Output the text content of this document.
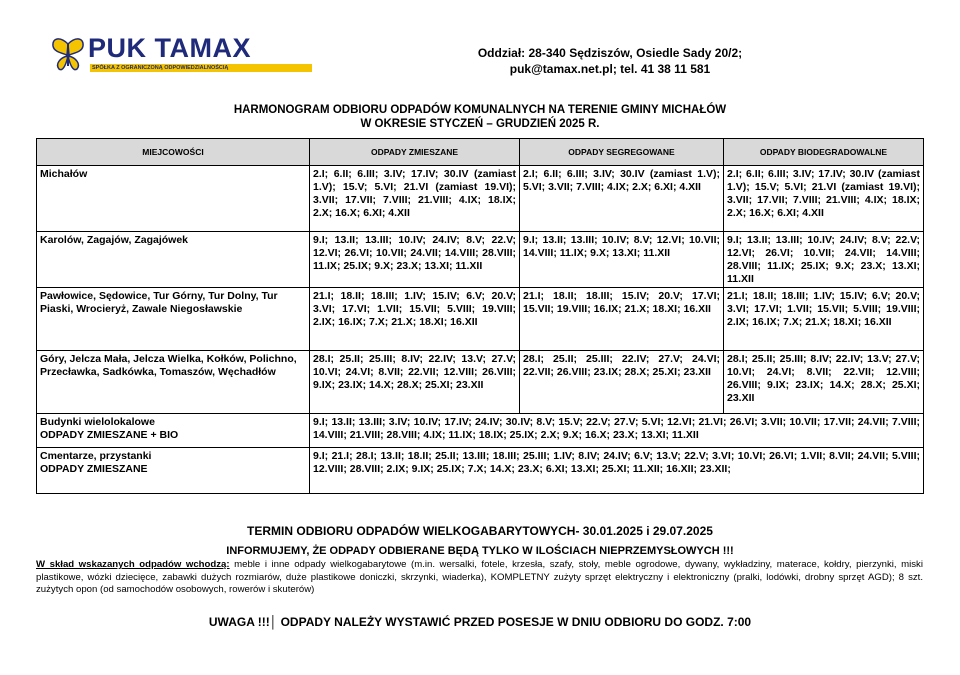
PUK TAMAX
SPÓŁKA Z OGRANICZONĄ ODPOWIEDZIALNOŚCIĄ
Oddział: 28-340 Sędziszów, Osiedle Sady 20/2;
puk@tamax.net.pl; tel. 41 38 11 581
HARMONOGRAM ODBIORU ODPADÓW KOMUNALNYCH NA TERENIE GMINY MICHAŁÓW
W OKRESIE STYCZEŃ – GRUDZIEŃ 2025 R.
MIEJCOWOŚCI	ODPADY ZMIESZANE	ODPADY SEGREGOWANE	ODPADY BIODEGRADOWALNE
Michałów	2.I; 6.II; 6.III; 3.IV; 17.IV; 30.IV (zamiast 1.V); 15.V; 5.VI; 21.VI (zamiast 19.VI); 3.VII; 17.VII; 7.VIII; 21.VIII; 4.IX; 18.IX; 2.X; 16.X; 6.XI; 4.XII	2.I; 6.II; 6.III; 3.IV; 30.IV (zamiast 1.V); 5.VI; 3.VII; 7.VIII; 4.IX; 2.X; 6.XI; 4.XII	2.I; 6.II; 6.III; 3.IV; 17.IV; 30.IV (zamiast 1.V); 15.V; 5.VI; 21.VI (zamiast 19.VI); 3.VII; 17.VII; 7.VIII; 21.VIII; 4.IX; 18.IX; 2.X; 16.X; 6.XI; 4.XII
Karolów, Zagajów, Zagajówek	9.I; 13.II; 13.III; 10.IV; 24.IV; 8.V; 22.V; 12.VI; 26.VI; 10.VII; 24.VII; 14.VIII; 28.VIII; 11.IX; 25.IX; 9.X; 23.X; 13.XI; 11.XII	9.I; 13.II; 13.III; 10.IV; 8.V; 12.VI; 10.VII; 14.VIII; 11.IX; 9.X; 13.XI; 11.XII	9.I; 13.II; 13.III; 10.IV; 24.IV; 8.V; 22.V; 12.VI; 26.VI; 10.VII; 24.VII; 14.VIII; 28.VIII; 11.IX; 25.IX; 9.X; 23.X; 13.XI; 11.XII
Pawłowice, Sędowice, Tur Górny, Tur Dolny, Tur Piaski, Wrocieryż, Zawale Niegosławskie	21.I; 18.II; 18.III; 1.IV; 15.IV; 6.V; 20.V; 3.VI; 17.VI; 1.VII; 15.VII; 5.VIII; 19.VIII; 2.IX; 16.IX; 7.X; 21.X; 18.XI; 16.XII	21.I; 18.II; 18.III; 15.IV; 20.V; 17.VI; 15.VII; 19.VIII; 16.IX; 21.X; 18.XI; 16.XII	21.I; 18.II; 18.III; 1.IV; 15.IV; 6.V; 20.V; 3.VI; 17.VI; 1.VII; 15.VII; 5.VIII; 19.VIII; 2.IX; 16.IX; 7.X; 21.X; 18.XI; 16.XII
Góry, Jelcza Mała, Jelcza Wielka, Kołków, Polichno, Przecławka, Sadkówka, Tomaszów, Węchadłów	28.I; 25.II; 25.III; 8.IV; 22.IV; 13.V; 27.V; 10.VI; 24.VI; 8.VII; 22.VII; 12.VIII; 26.VIII; 9.IX; 23.IX; 14.X; 28.X; 25.XI; 23.XII	28.I; 25.II; 25.III; 22.IV; 27.V; 24.VI; 22.VII; 26.VIII; 23.IX; 28.X; 25.XI; 23.XII	28.I; 25.II; 25.III; 8.IV; 22.IV; 13.V; 27.V; 10.VI; 24.VI; 8.VII; 22.VII; 12.VIII; 26.VIII; 9.IX; 23.IX; 14.X; 28.X; 25.XI; 23.XII

Budynki wielolokalowe
ODPADY ZMIESZANE + BIO	9.I; 13.II; 13.III; 3.IV; 10.IV; 17.IV; 24.IV; 30.IV; 8.V; 15.V; 22.V; 27.V; 5.VI; 12.VI; 21.VI; 26.VI; 3.VII; 10.VII; 17.VII; 24.VII; 7.VIII; 14.VIII; 21.VIII; 28.VIII; 4.IX; 11.IX; 18.IX; 25.IX; 2.X; 9.X; 16.X; 23.X; 13.XI; 11.XII		

Cmentarze, przystanki
ODPADY ZMIESZANE	9.I; 21.I; 28.I; 13.II; 18.II; 25.II; 13.III; 18.III; 25.III; 1.IV; 8.IV; 24.IV; 6.V; 13.V; 22.V; 3.VI; 10.VI; 26.VI; 1.VII; 8.VII; 24.VII; 5.VIII; 12.VIII; 28.VIII; 2.IX; 9.IX; 25.IX; 7.X; 14.X; 23.X; 6.XI; 13.XI; 25.XI; 11.XII; 16.XII; 23.XII;		
TERMIN ODBIORU ODPADÓW WIELKOGABARYTOWYCH- 30.01.2025 i 29.07.2025
INFORMUJEMY, ŻE ODPADY ODBIERANE BĘDĄ TYLKO W ILOŚCIACH NIEPRZEMYSŁOWYCH !!!
W skład wskazanych odpadów wchodzą: meble i inne odpady wielkogabarytowe (m.in. wersalki, fotele, krzesła, szafy, stoły, meble ogrodowe, dywany, wykładziny, materace, kołdry, pierzynki, miski plastikowe, wózki dziecięce, zabawki dużych rozmiarów, duże plastikowe doniczki, skrzynki, wiaderka), KOMPLETNY zużyty sprzęt elektryczny i elektroniczny (pralki, lodówki, drobny sprzęt AGD); 8 szt. zużytych opon (od samochodów osobowych, rowerów i skuterów)
UWAGA !!!│ ODPADY NALEŻY WYSTAWIĆ PRZED POSESJE W DNIU ODBIORU DO GODZ. 7:00
